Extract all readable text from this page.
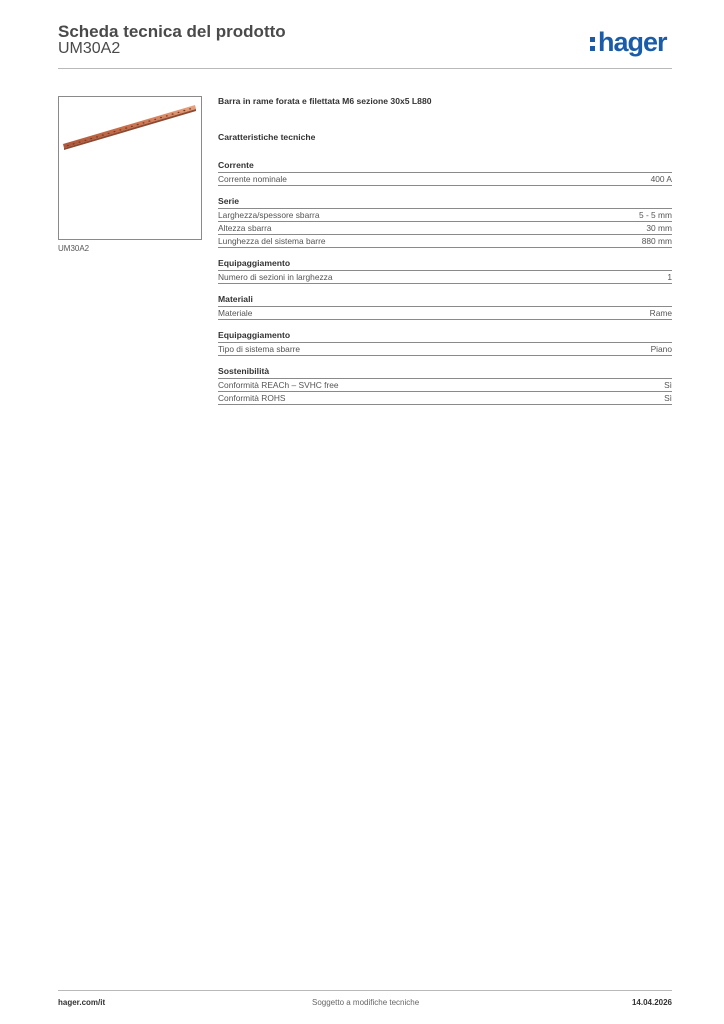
Scheda tecnica del prodotto
UM30A2	hager
UM30A2
Barra in rame forata e filettata M6 sezione 30x5 L880
Caratteristiche tecniche
Corrente
Corrente nominale	400 A
Serie
Larghezza/spessore sbarra	5 - 5 mm
Altezza sbarra	30 mm
Lunghezza del sistema barre	880 mm
Equipaggiamento
Numero di sezioni in larghezza	1
Materiali
Materiale	Rame
Equipaggiamento
Tipo di sistema sbarre	Piano
Sostenibilità
Conformità REACh – SVHC free	Sì
Conformità ROHS	Sì
hager.com/it	Soggetto a modifiche tecniche	14.04.2026
